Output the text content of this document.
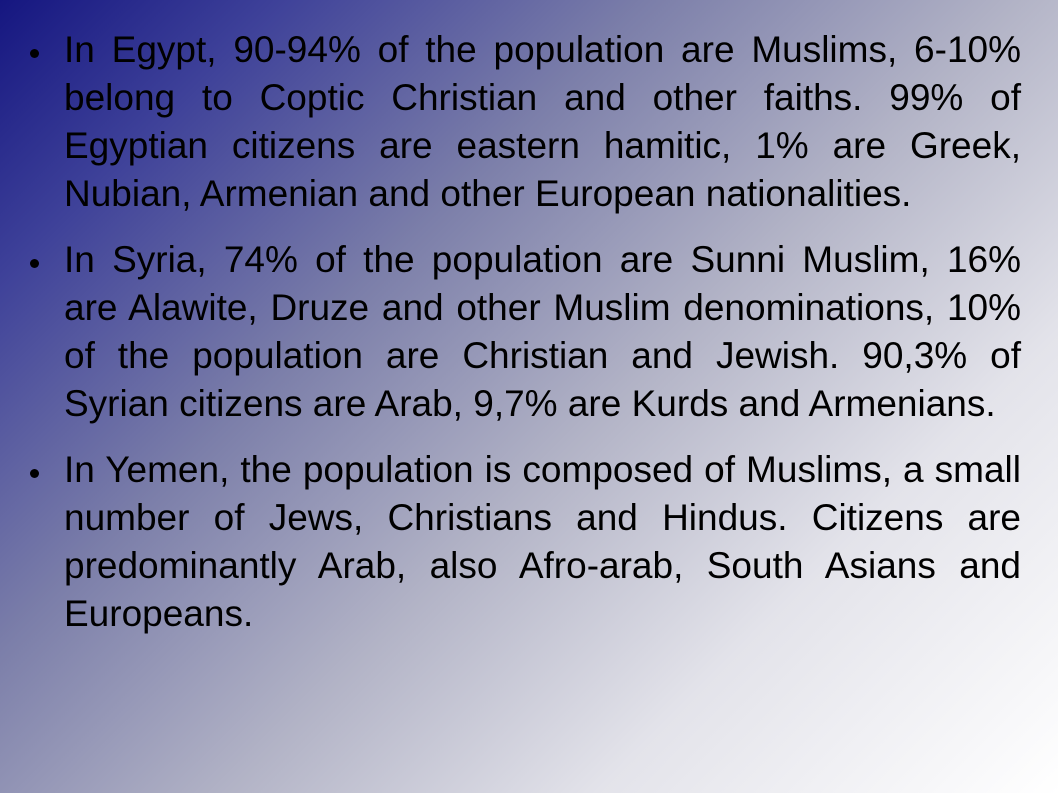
In Egypt, 90-94% of the population are Muslims, 6-10% belong to Coptic Christian and other faiths. 99% of Egyptian citizens are eastern hamitic, 1% are Greek, Nubian, Armenian and other European nationalities.
In Syria, 74% of the population are Sunni Muslim, 16% are Alawite, Druze and other Muslim denominations, 10% of the population are Christian and Jewish. 90,3% of Syrian citizens are Arab, 9,7% are Kurds and Armenians.
In Yemen, the population is composed of Muslims, a small number of Jews, Christians and Hindus. Citizens are predominantly Arab, also Afro-arab, South Asians and Europeans.
